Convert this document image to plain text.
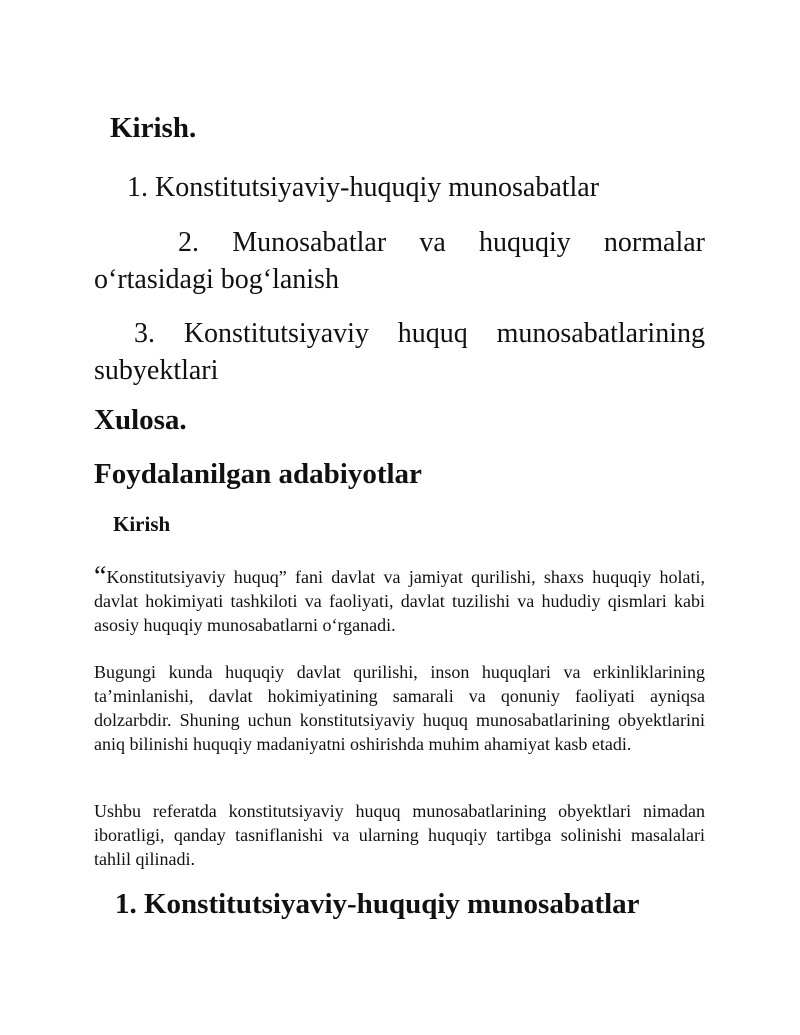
Kirish.

1. Konstitutsiyaviy-huquqiy munosabatlar

2. Munosabatlar va huquqiy normalar o‘rtasidagi bog‘lanish

3. Konstitutsiyaviy huquq munosabatlarining subyektlari

Xulosa.
Foydalanilgan adabiyotlar
Kirish

“Konstitutsiyaviy huquq” fani davlat va jamiyat qurilishi, shaxs huquqiy holati, davlat hokimiyati tashkiloti va faoliyati, davlat tuzilishi va hududiy qismlari kabi asosiy huquqiy munosabatlarni o‘rganadi.

Bugungi kunda huquqiy davlat qurilishi, inson huquqlari va erkinliklarining ta’minlanishi, davlat hokimiyatining samarali va qonuniy faoliyati ayniqsa dolzarbdir. Shuning uchun konstitutsiyaviy huquq munosabatlarining obyektlarini aniq bilinishi huquqiy madaniyatni oshirishda muhim ahamiyat kasb etadi.

Ushbu referatda konstitutsiyaviy huquq munosabatlarining obyektlari nimadan iboratligi, qanday tasniflanishi va ularning huquqiy tartibga solinishi masalalari tahlil qilinadi.

1. Konstitutsiyaviy-huquqiy munosabatlar
